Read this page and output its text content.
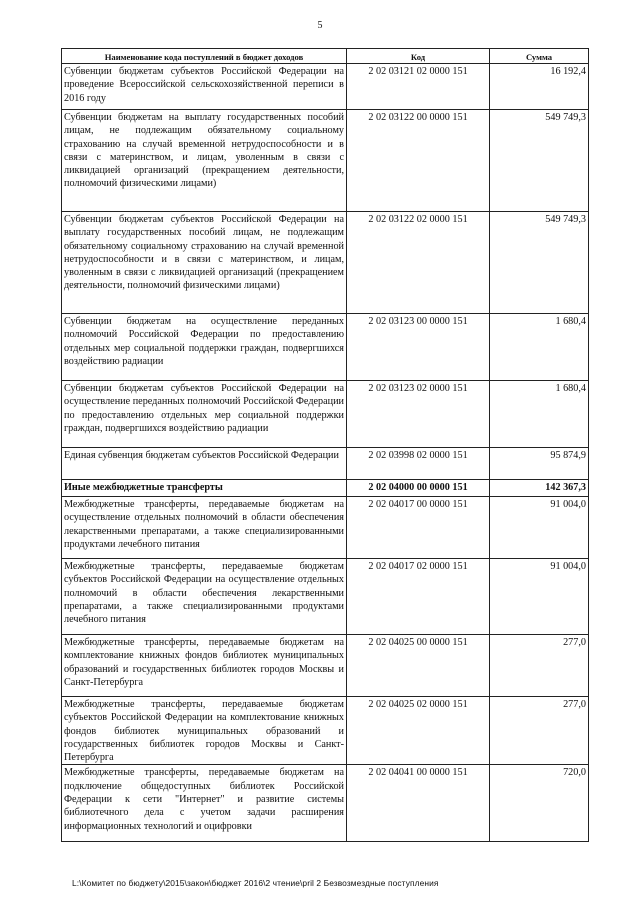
5
Наименование кода поступлений в бюджет доходов	Код	Сумма
Субвенции бюджетам субъектов Российской Федерации на проведение Всероссийской сельскохозяйственной переписи в 2016 году	2 02 03121 02 0000 151	16 192,4
Субвенции бюджетам на выплату государственных пособий лицам, не подлежащим обязательному социальному страхованию на случай временной нетрудоспособности и в связи с материнством, и лицам, уволенным в связи с ликвидацией организаций (прекращением деятельности, полномочий физическими лицами)	2 02 03122 00 0000 151	549 749,3
Субвенции бюджетам субъектов Российской Федерации на выплату государственных пособий лицам, не подлежащим обязательному социальному страхованию на случай временной нетрудоспособности и в связи с материнством, и лицам, уволенным в связи с ликвидацией организаций (прекращением деятельности, полномочий физическими лицами)	2 02 03122 02 0000 151	549 749,3
Субвенции бюджетам на осуществление переданных полномочий Российской Федерации по предоставлению отдельных мер социальной поддержки граждан, подвергшихся воздействию радиации	2 02 03123 00 0000 151	1 680,4
Субвенции бюджетам субъектов Российской Федерации на осуществление переданных полномочий Российской Федерации по предоставлению отдельных мер социальной поддержки граждан, подвергшихся воздействию радиации	2 02 03123 02 0000 151	1 680,4
Единая субвенция бюджетам субъектов Российской Федерации	2 02 03998 02 0000 151	95 874,9
Иные межбюджетные трансферты	2 02 04000 00 0000 151	142 367,3
Межбюджетные трансферты, передаваемые бюджетам на осуществление отдельных полномочий в области обеспечения лекарственными препаратами, а также специализированными продуктами лечебного питания	2 02 04017 00 0000 151	91 004,0
Межбюджетные трансферты, передаваемые бюджетам субъектов Российской Федерации на осуществление отдельных полномочий в области обеспечения лекарственными препаратами, а также специализированными продуктами лечебного питания	2 02 04017 02 0000 151	91 004,0
Межбюджетные трансферты, передаваемые бюджетам на комплектование книжных фондов библиотек муниципальных образований и государственных библиотек городов Москвы и Санкт-Петербурга	2 02 04025 00 0000 151	277,0
Межбюджетные трансферты, передаваемые бюджетам субъектов Российской Федерации на комплектование книжных фондов библиотек муниципальных образований и государственных библиотек городов Москвы и Санкт-Петербурга	2 02 04025 02 0000 151	277,0
Межбюджетные трансферты, передаваемые бюджетам на подключение общедоступных библиотек Российской Федерации к сети "Интернет" и развитие системы библиотечного дела с учетом задачи расширения информационных технологий и оцифровки	2 02 04041 00 0000 151	720,0
L:\Комитет по бюджету\2015\закон\бюджет 2016\2 чтение\pril 2 Безвозмездные поступления
